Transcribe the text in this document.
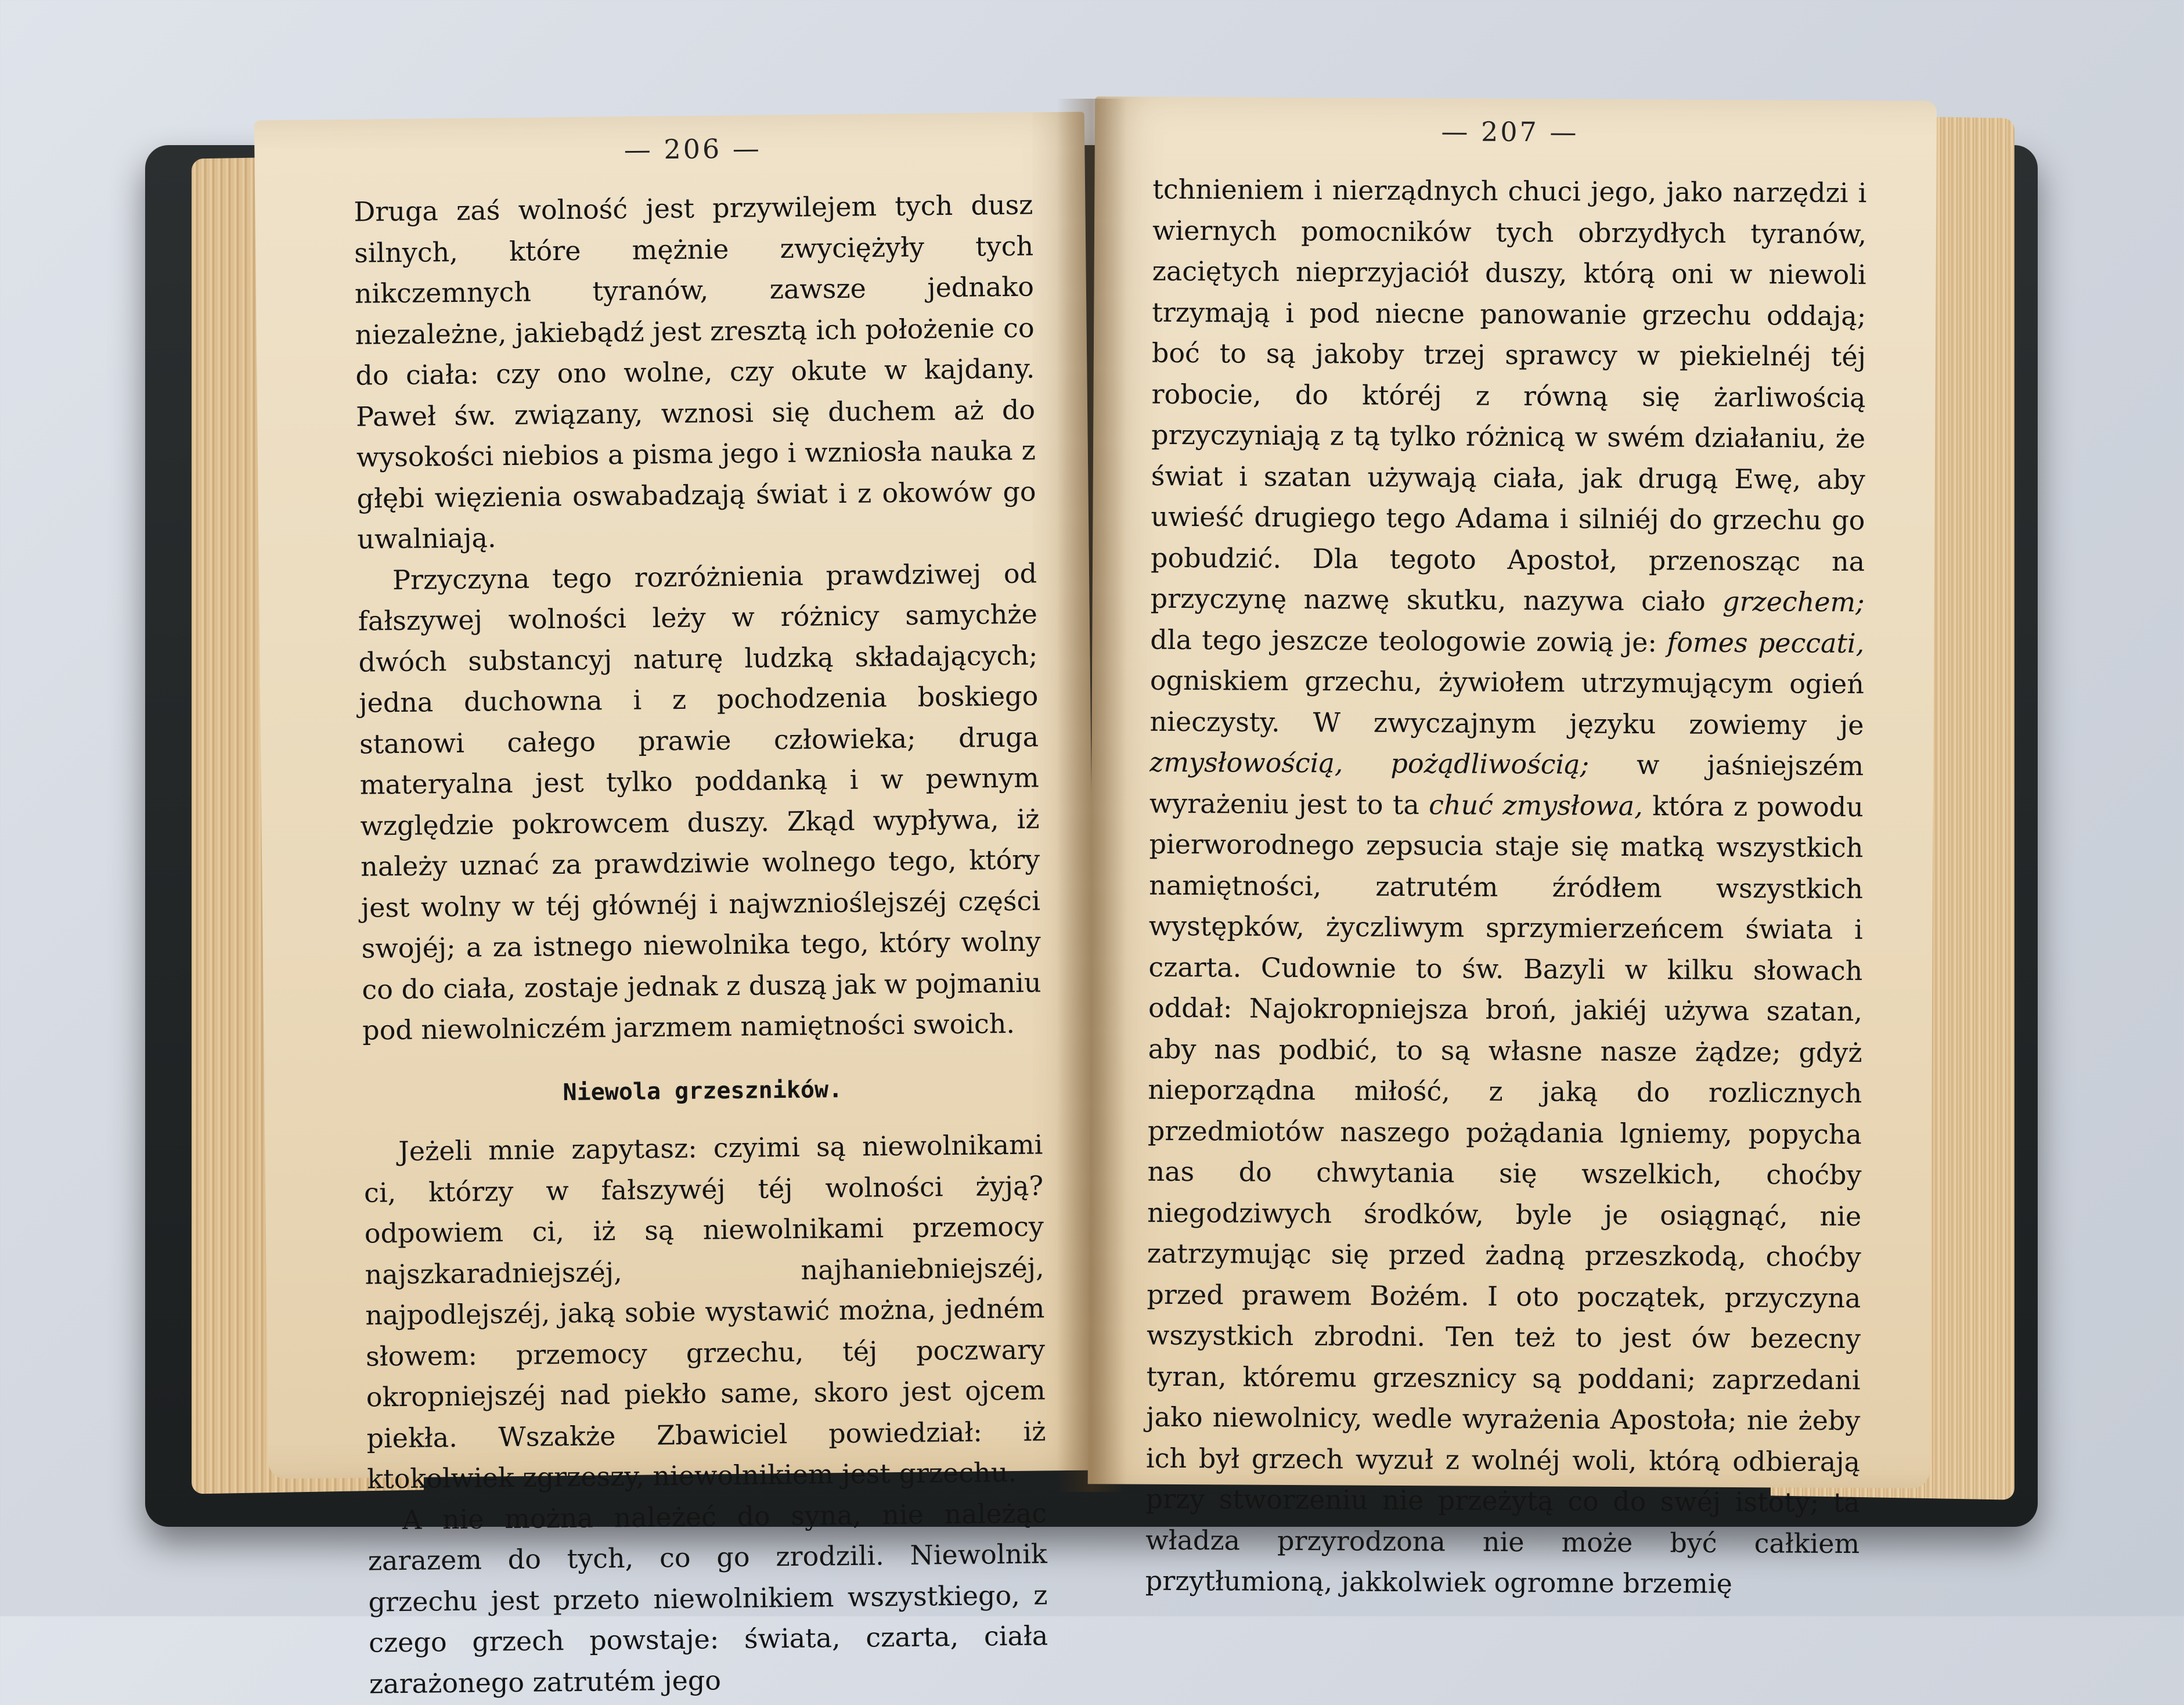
— 206 —

Druga zaś wolność jest przywilejem tych dusz silnych, które mężnie zwyciężyły tych nikczemnych tyranów, zawsze jednako niezależne, jakiebądź jest zresztą ich położenie co do ciała: czy ono wolne, czy okute w kajdany. Paweł św. związany, wznosi się duchem aż do wysokości niebios a pisma jego i wzniosła nauka z głębi więzienia oswabadzają świat i z okowów go uwalniają.

Przyczyna tego rozróżnienia prawdziwej od fałszywej wolności leży w różnicy samychże dwóch substancyj naturę ludzką składających; jedna duchowna i z pochodzenia boskiego stanowi całego prawie człowieka; druga materyalna jest tylko poddanką i w pewnym względzie pokrowcem duszy. Zkąd wypływa, iż należy uznać za prawdziwie wolnego tego, który jest wolny w téj głównéj i najwznioślejszéj części swojéj; a za istnego niewolnika tego, który wolny co do ciała, zostaje jednak z duszą jak w pojmaniu pod niewolniczém jarzmem namiętności swoich.

Niewola grzeszników.

Jeżeli mnie zapytasz: czyimi są niewolnikami ci, którzy w fałszywéj téj wolności żyją? odpowiem ci, iż są niewolnikami przemocy najszkaradniejszéj, najhaniebniejszéj, najpodlejszéj, jaką sobie wystawić można, jedném słowem: przemocy grzechu, téj poczwary okropniejszéj nad piekło same, skoro jest ojcem piekła. Wszakże Zbawiciel powiedział: iż ktokolwiek zgrzeszy, niewolnikiem jest grzechu.

A nie można należeć do syna, nie należąc zarazem do tych, co go zrodzili. Niewolnik grzechu jest przeto niewolnikiem wszystkiego, z czego grzech powstaje: świata, czarta, ciała zarażonego zatrutém jego

— 207 —

tchnieniem i nierządnych chuci jego, jako narzędzi i wiernych pomocników tych obrzydłych tyranów, zaciętych nieprzyjaciół duszy, którą oni w niewoli trzymają i pod niecne panowanie grzechu oddają; boć to są jakoby trzej sprawcy w piekielnéj téj robocie, do któréj z równą się żarliwością przyczyniają z tą tylko różnicą w swém działaniu, że świat i szatan używają ciała, jak drugą Ewę, aby uwieść drugiego tego Adama i silniéj do grzechu go pobudzić. Dla tegoto Apostoł, przenosząc na przyczynę nazwę skutku, nazywa ciało grzechem; dla tego jeszcze teologowie zowią je: fomes peccati, ogniskiem grzechu, żywiołem utrzymującym ogień nieczysty. W zwyczajnym języku zowiemy je zmysłowością, pożądliwością; w jaśniejszém wyrażeniu jest to ta chuć zmysłowa, która z powodu pierworodnego zepsucia staje się matką wszystkich namiętności, zatrutém źródłem wszystkich występków, życzliwym sprzymierzeńcem świata i czarta. Cudownie to św. Bazyli w kilku słowach oddał: Najokropniejsza broń, jakiéj używa szatan, aby nas podbić, to są własne nasze żądze; gdyż nieporządna miłość, z jaką do rozlicznych przedmiotów naszego pożądania lgniemy, popycha nas do chwytania się wszelkich, choćby niegodziwych środków, byle je osiągnąć, nie zatrzymując się przed żadną przeszkodą, choćby przed prawem Bożém. I oto początek, przyczyna wszystkich zbrodni. Ten też to jest ów bezecny tyran, któremu grzesznicy są poddani; zaprzedani jako niewolnicy, wedle wyrażenia Apostoła; nie żeby ich był grzech wyzuł z wolnéj woli, którą odbierają przy stworzeniu nie przeżytą co do swéj istoty; ta władza przyrodzona nie może być całkiem przytłumioną, jakkolwiek ogromne brzemię
